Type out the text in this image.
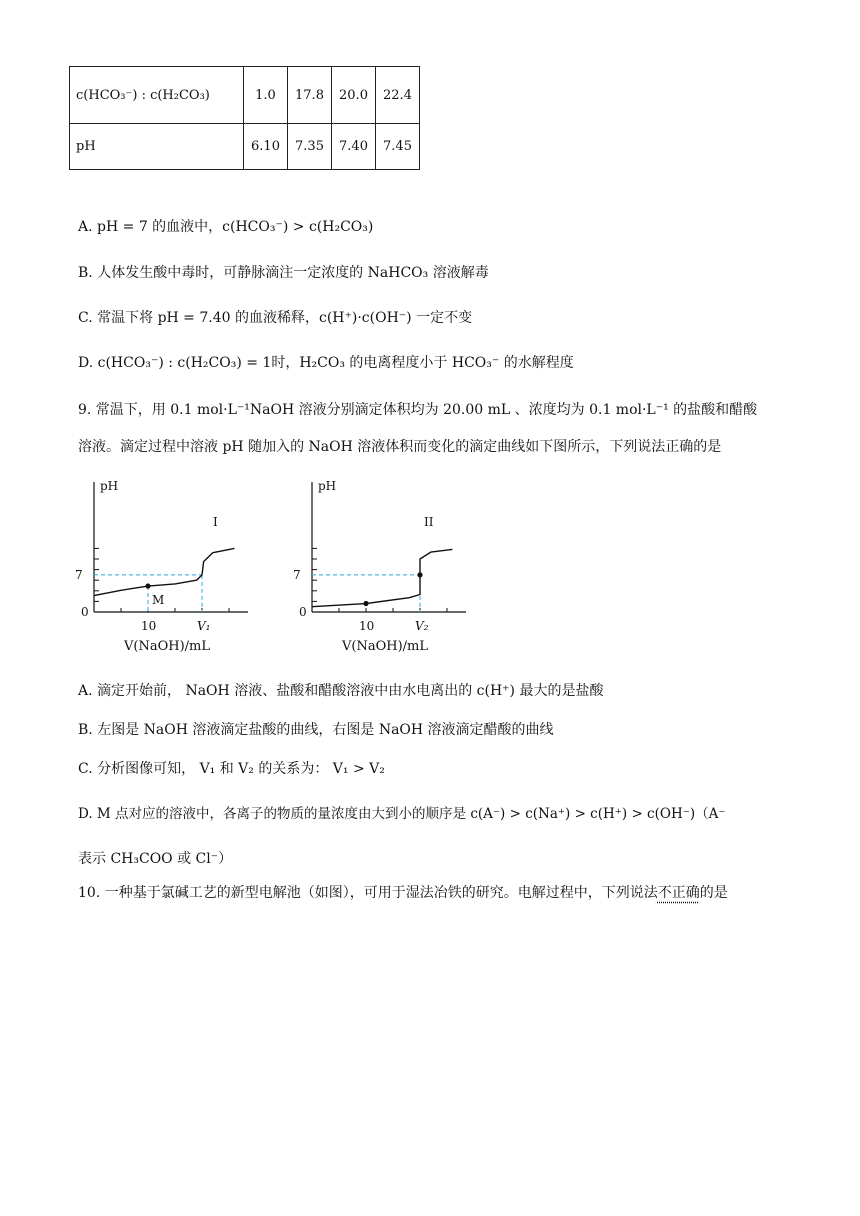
c(HCO₃⁻) : c(H₂CO₃)	1.0	17.8	20.0	22.4
pH	6.10	7.35	7.40	7.45
A. pH = 7 的血液中，c(HCO₃⁻) > c(H₂CO₃)
B. 人体发生酸中毒时，可静脉滴注一定浓度的 NaHCO₃ 溶液解毒
C. 常温下将 pH = 7.40 的血液稀释，c(H⁺)·c(OH⁻) 一定不变
D. c(HCO₃⁻) : c(H₂CO₃) = 1时，H₂CO₃ 的电离程度小于 HCO₃⁻ 的水解程度
9. 常温下，用 0.1 mol·L⁻¹NaOH 溶液分别滴定体积均为 20.00 mL 、浓度均为 0.1 mol·L⁻¹ 的盐酸和醋酸
溶液。滴定过程中溶液 pH 随加入的 NaOH 溶液体积而变化的滴定曲线如下图所示，下列说法正确的是
pH
7
0
10	V₁
V(NaOH)/mL
I
M
pH
7
0
10	V₂
V(NaOH)/mL
II
A. 滴定开始前， NaOH 溶液、盐酸和醋酸溶液中由水电离出的 c(H⁺) 最大的是盐酸
B. 左图是 NaOH 溶液滴定盐酸的曲线，右图是 NaOH 溶液滴定醋酸的曲线
C. 分析图像可知， V₁ 和 V₂ 的关系为： V₁ > V₂
D. M 点对应的溶液中，各离子的物质的量浓度由大到小的顺序是 c(A⁻) > c(Na⁺) > c(H⁺) > c(OH⁻)（A⁻
表示 CH₃COO 或 Cl⁻）
10. 一种基于氯碱工艺的新型电解池（如图），可用于湿法冶铁的研究。电解过程中，下列说法不正确的是
